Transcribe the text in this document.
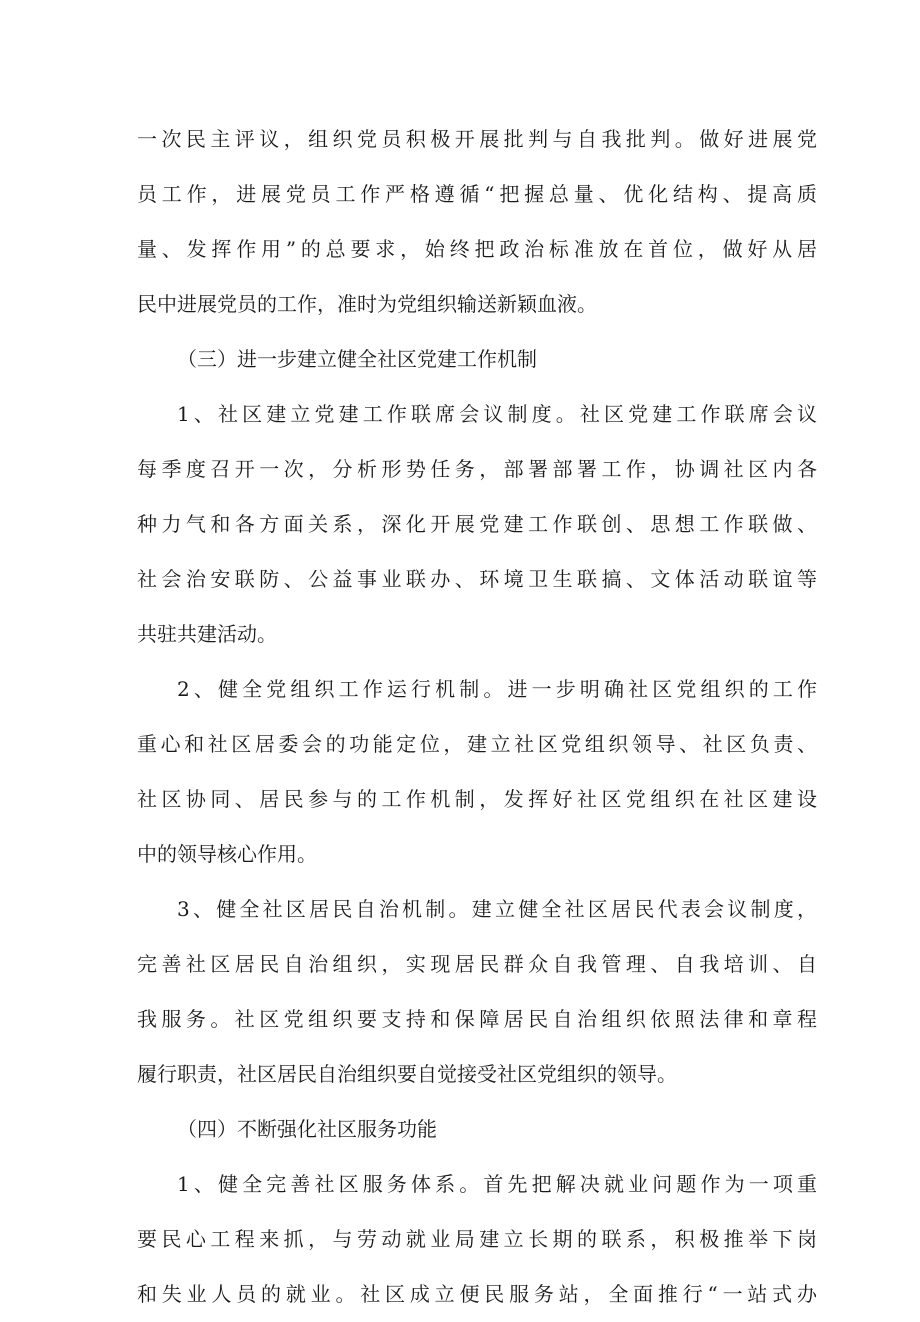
一次民主评议，组织党员积极开展批判与自我批判。做好进展党
员工作，进展党员工作严格遵循“把握总量、优化结构、提高质
量、发挥作用”的总要求，始终把政治标准放在首位，做好从居
民中进展党员的工作，准时为党组织输送新颖血液。
（三）进一步建立健全社区党建工作机制
1、社区建立党建工作联席会议制度。社区党建工作联席会议
每季度召开一次，分析形势任务，部署部署工作，协调社区内各
种力气和各方面关系，深化开展党建工作联创、思想工作联做、
社会治安联防、公益事业联办、环境卫生联搞、文体活动联谊等
共驻共建活动。
2、健全党组织工作运行机制。进一步明确社区党组织的工作
重心和社区居委会的功能定位，建立社区党组织领导、社区负责、
社区协同、居民参与的工作机制，发挥好社区党组织在社区建设
中的领导核心作用。
3、健全社区居民自治机制。建立健全社区居民代表会议制度，
完善社区居民自治组织，实现居民群众自我管理、自我培训、自
我服务。社区党组织要支持和保障居民自治组织依照法律和章程
履行职责，社区居民自治组织要自觉接受社区党组织的领导。
（四）不断强化社区服务功能
1、健全完善社区服务体系。首先把解决就业问题作为一项重
要民心工程来抓，与劳动就业局建立长期的联系，积极推举下岗
和失业人员的就业。社区成立便民服务站，全面推行“一站式办
